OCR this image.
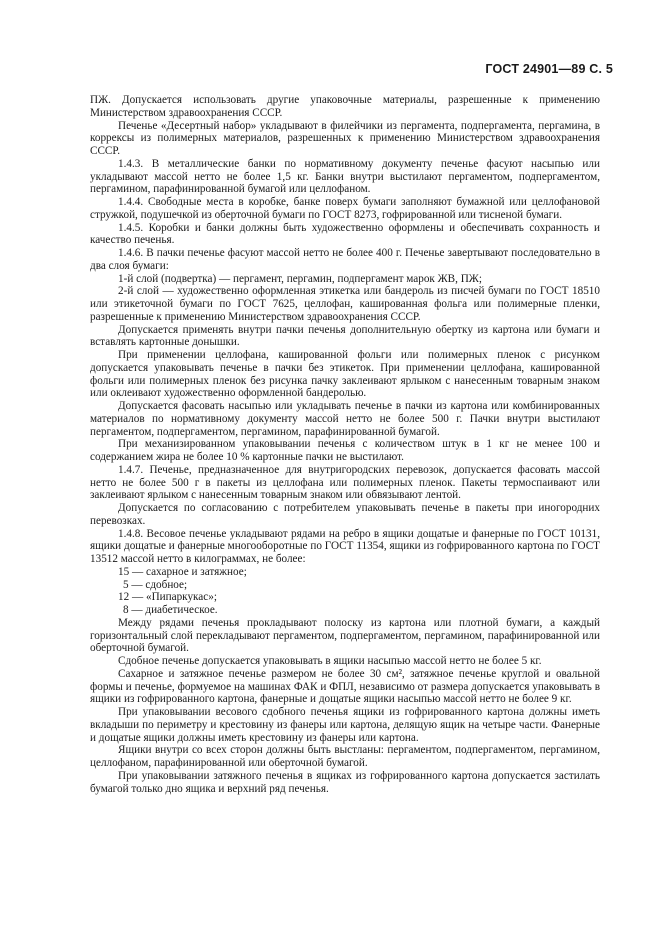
ГОСТ 24901—89 С. 5

ПЖ. Допускается использовать другие упаковочные материалы, разрешенные к применению Министерством здравоохранения СССР.

Печенье «Десертный набор» укладывают в филейчики из пергамента, подпергамента, пергамина, в коррексы из полимерных материалов, разрешенных к применению Министерством здравоохранения СССР.

1.4.3. В металлические банки по нормативному документу печенье фасуют насыпью или укладывают массой нетто не более 1,5 кг. Банки внутри выстилают пергаментом, подпергаментом, пергамином, парафинированной бумагой или целлофаном.

1.4.4. Свободные места в коробке, банке поверх бумаги заполняют бумажной или целлофановой стружкой, подушечкой из оберточной бумаги по ГОСТ 8273, гофрированной или тисненой бумаги.

1.4.5. Коробки и банки должны быть художественно оформлены и обеспечивать сохранность и качество печенья.

1.4.6. В пачки печенье фасуют массой нетто не более 400 г. Печенье завертывают последовательно в два слоя бумаги:

1-й слой (подвертка) — пергамент, пергамин, подпергамент марок ЖВ, ПЖ;

2-й слой — художественно оформленная этикетка или бандероль из писчей бумаги по ГОСТ 18510 или этикеточной бумаги по ГОСТ 7625, целлофан, кашированная фольга или полимерные пленки, разрешенные к применению Министерством здравоохранения СССР.

Допускается применять внутри пачки печенья дополнительную обертку из картона или бумаги и вставлять картонные донышки.

При применении целлофана, кашированной фольги или полимерных пленок с рисунком допускается упаковывать печенье в пачки без этикеток. При применении целлофана, кашированной фольги или полимерных пленок без рисунка пачку заклеивают ярлыком с нанесенным товарным знаком или оклеивают художественно оформленной бандеролью.

Допускается фасовать насыпью или укладывать печенье в пачки из картона или комбинированных материалов по нормативному документу массой нетто не более 500 г. Пачки внутри выстилают пергаментом, подпергаментом, пергамином, парафинированной бумагой.

При механизированном упаковывании печенья с количеством штук в 1 кг не менее 100 и содержанием жира не более 10 % картонные пачки не выстилают.

1.4.7. Печенье, предназначенное для внутригородских перевозок, допускается фасовать массой нетто не более 500 г в пакеты из целлофана или полимерных пленок. Пакеты термоспаивают или заклеивают ярлыком с нанесенным товарным знаком или обвязывают лентой.

Допускается по согласованию с потребителем упаковывать печенье в пакеты при иногородних перевозках.

1.4.8. Весовое печенье укладывают рядами на ребро в ящики дощатые и фанерные по ГОСТ 10131, ящики дощатые и фанерные многооборотные по ГОСТ 11354, ящики из гофрированного картона по ГОСТ 13512 массой нетто в килограммах, не более:

15 — сахарное и затяжное;

5 — сдобное;

12 — «Пипаркукас»;

8 — диабетическое.

Между рядами печенья прокладывают полоску из картона или плотной бумаги, а каждый горизонтальный слой перекладывают пергаментом, подпергаментом, пергамином, парафинированной или оберточной бумагой.

Сдобное печенье допускается упаковывать в ящики насыпью массой нетто не более 5 кг.

Сахарное и затяжное печенье размером не более 30 см², затяжное печенье круглой и овальной формы и печенье, формуемое на машинах ФАК и ФПЛ, независимо от размера допускается упаковывать в ящики из гофрированного картона, фанерные и дощатые ящики насыпью массой нетто не более 9 кг.

При упаковывании весового сдобного печенья ящики из гофрированного картона должны иметь вкладыши по периметру и крестовину из фанеры или картона, делящую ящик на четыре части. Фанерные и дощатые ящики должны иметь крестовину из фанеры или картона.

Ящики внутри со всех сторон должны быть выстланы: пергаментом, подпергаментом, пергамином, целлофаном, парафинированной или оберточной бумагой.

При упаковывании затяжного печенья в ящиках из гофрированного картона допускается застилать бумагой только дно ящика и верхний ряд печенья.
